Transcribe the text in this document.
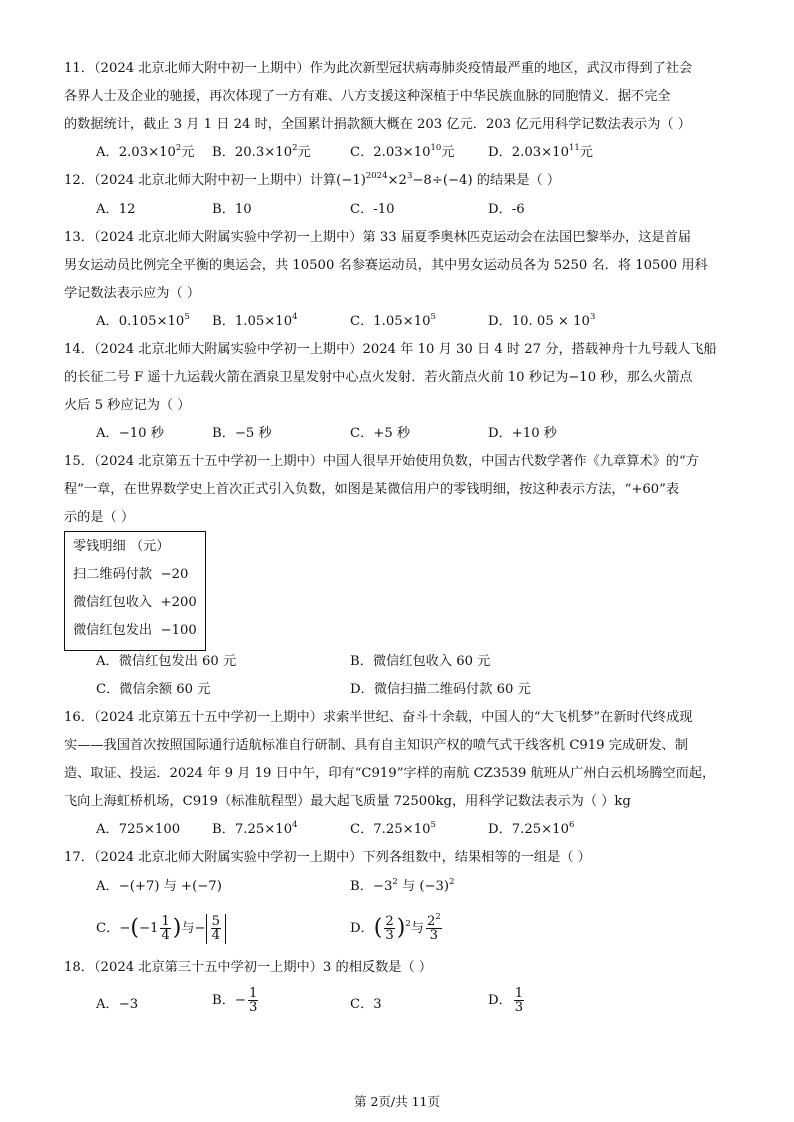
11．（2024 北京北师大附中初一上期中）作为此次新型冠状病毒肺炎疫情最严重的地区，武汉市得到了社会
各界人士及企业的驰援，再次体现了一方有难、八方支援这种深植于中华民族血脉的同胞情义．据不完全
的数据统计，截止 3 月 1 日 24 时，全国累计捐款额大概在 203 亿元．203 亿元用科学记数法表示为（ ）
A．$2.03\times 10^2$元 B．$20.3\times 10^2$元	C．$2.03\times 10^{10}$元	D．$2.03\times 10^{11}$元
12．（2024 北京北师大附中初一上期中）计算$(-1)^{2024}\times 2^3-8\div(-4)$ 的结果是（ ）
A．12	B．10	C．-10	D．-6
13．（2024 北京北师大附属实验中学初一上期中）第 33 届夏季奥林匹克运动会在法国巴黎举办，这是首届
男女运动员比例完全平衡的奥运会，共 10500 名参赛运动员，其中男女运动员各为 5250 名．将 10500 用科
学记数法表示应为（ ）
A．$0.105\times 10^5$ B．$1.05\times 10^4$	C．$1.05\times 10^5$	D．10. $05 \times 10^3$
14．（2024 北京北师大附属实验中学初一上期中）2024 年 10 月 30 日 4 时 27 分，搭载神舟十九号载人飞船
的长征二号 F 遥十九运载火箭在酒泉卫星发射中心点火发射．若火箭点火前 10 秒记为−10 秒，那么火箭点
火后 5 秒应记为（ ）
A．−10 秒	B．−5 秒	C．+5 秒	D．+10 秒
15．（2024 北京第五十五中学初一上期中）中国人很早开始使用负数，中国古代数学著作《九章算术》的“方
程”一章，在世界数学史上首次正式引入负数，如图是某微信用户的零钱明细，按这种表示方法，“+60”表
示的是（ ）
零钱明细 （元）
扫二维码付款 −20
微信红包收入 +200
微信红包发出 −100
A．微信红包发出 60 元	B．微信红包收入 60 元
C．微信余额 60 元	D．微信扫描二维码付款 60 元
16．（2024 北京第五十五中学初一上期中）求索半世纪、奋斗十余载，中国人的“大飞机梦”在新时代终成现
实——我国首次按照国际通行适航标准自行研制、具有自主知识产权的喷气式干线客机 C919 完成研发、制
造、取证、投运．2024 年 9 月 19 日中午，印有“C919”字样的南航 CZ3539 航班从广州白云机场腾空而起，
飞向上海虹桥机场，C919（标准航程型）最大起飞质量 72500kg，用科学记数法表示为（ ）kg
A．725×100 B．$7.25\times 10^4$	C．$7.25\times 10^5$	D．$7.25\times 10^6$
17．（2024 北京北师大附属实验中学初一上期中）下列各组数中，结果相等的一组是（ ）
A．−(+7) 与 +(−7)	B．$-3^2$ 与 $(-3)^2$
C．$-(-1 \frac{1}{4}$ )与− $\frac{5}{4}$	D．( $\frac{2}{3} )^2$与 $\frac{2^2}{3}$
18．（2024 北京第三十五中学初一上期中）3 的相反数是（ ）
A．−3	B．− $\frac{1}{3}$	C．3	D． $\frac{1}{3}$
第 2页/共 11页
